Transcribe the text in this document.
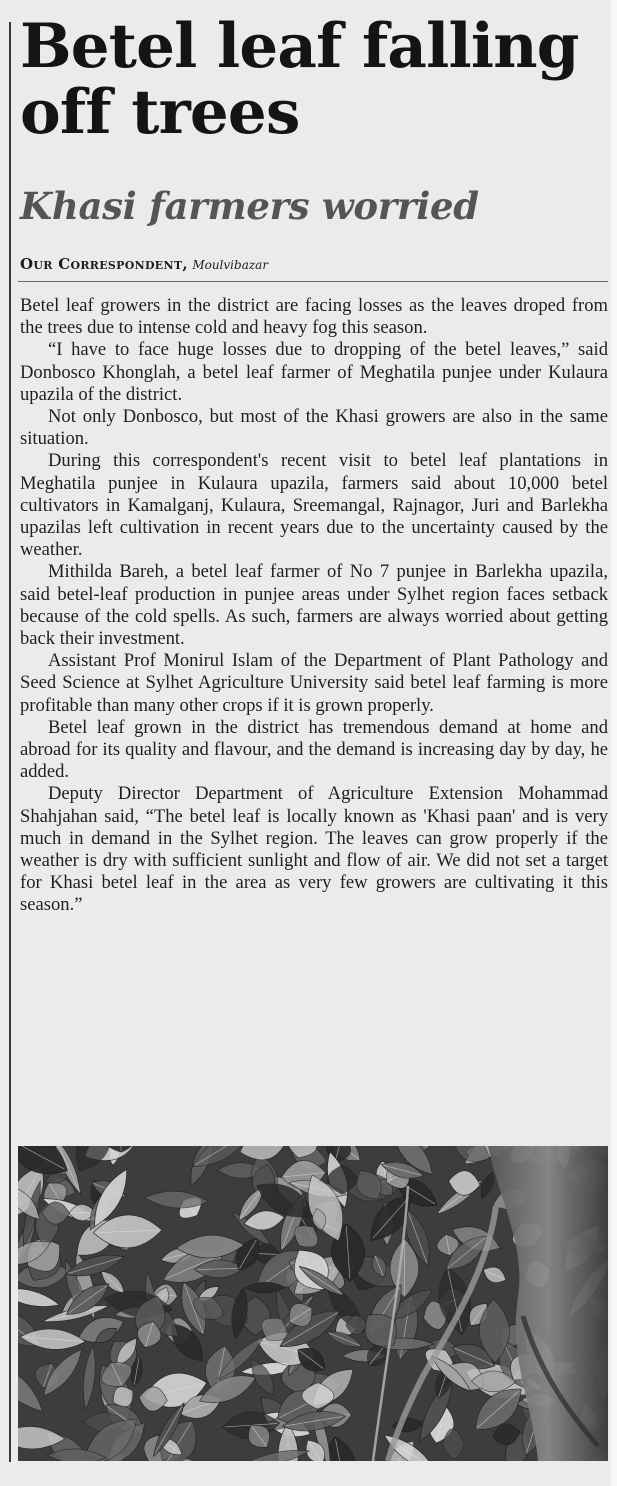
Betel leaf falling off trees
Khasi farmers worried
Our Correspondent, Moulvibazar

Betel leaf growers in the district are facing losses as the leaves droped from the trees due to intense cold and heavy fog this season.

“I have to face huge losses due to dropping of the betel leaves,” said Donbosco Khonglah, a betel leaf farmer of Meghatila punjee under Kulaura upazila of the district.

Not only Donbosco, but most of the Khasi growers are also in the same situation.

During this correspondent's recent visit to betel leaf plantations in Meghatila punjee in Kulaura upazila, farmers said about 10,000 betel cultivators in Kamalganj, Kulaura, Sreemangal, Rajnagor, Juri and Barlekha upazilas left cultivation in recent years due to the uncertainty caused by the weather.

Mithilda Bareh, a betel leaf farmer of No 7 punjee in Barlekha upazila, said betel-leaf production in punjee areas under Sylhet region faces setback because of the cold spells. As such, farmers are always worried about getting back their investment.

Assistant Prof Monirul Islam of the Department of Plant Pathology and Seed Science at Sylhet Agriculture University said betel leaf farming is more profitable than many other crops if it is grown properly.

Betel leaf grown in the district has tremendous demand at home and abroad for its quality and flavour, and the demand is increasing day by day, he added.

Deputy Director Department of Agriculture Extension Mohammad Shahjahan said, “The betel leaf is locally known as 'Khasi paan' and is very much in demand in the Sylhet region. The leaves can grow properly if the weather is dry with sufficient sunlight and flow of air. We did not set a target for Khasi betel leaf in the area as very few growers are cultivating it this season.”
